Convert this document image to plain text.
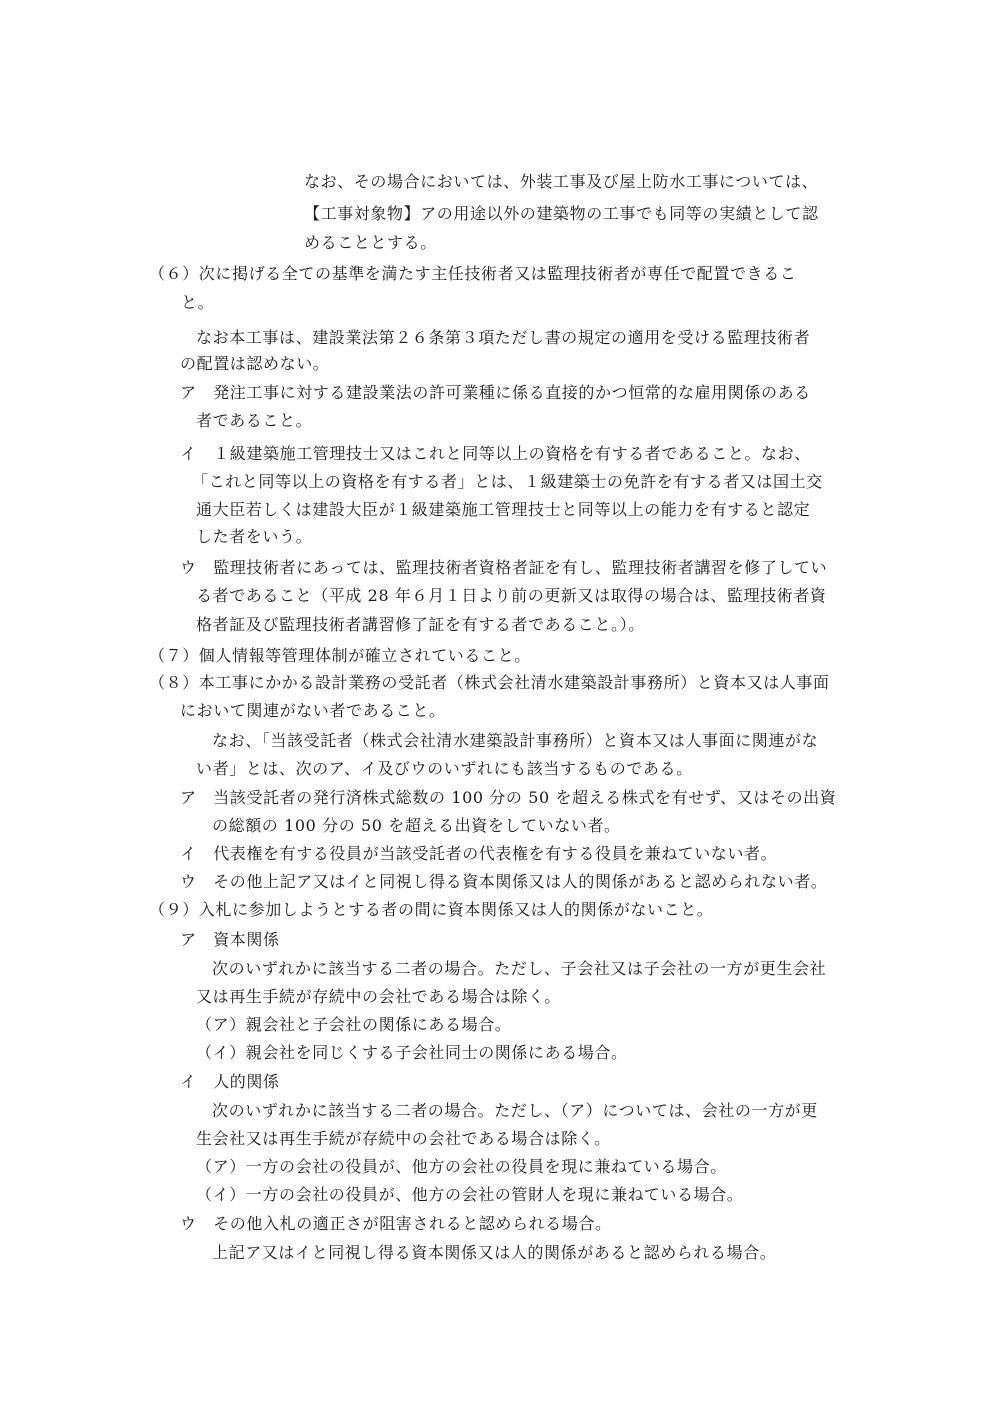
なお、その場合においては、外装工事及び屋上防水工事については、
【工事対象物】アの用途以外の建築物の工事でも同等の実績として認
めることとする。
（６）次に掲げる全ての基準を満たす主任技術者又は監理技術者が専任で配置できるこ
と。
なお本工事は、建設業法第２６条第３項ただし書の規定の適用を受ける監理技術者
の配置は認めない。
ア　発注工事に対する建設業法の許可業種に係る直接的かつ恒常的な雇用関係のある
者であること。
イ　１級建築施工管理技士又はこれと同等以上の資格を有する者であること。なお、
「これと同等以上の資格を有する者」とは、１級建築士の免許を有する者又は国土交
通大臣若しくは建設大臣が１級建築施工管理技士と同等以上の能力を有すると認定
した者をいう。
ウ　監理技術者にあっては、監理技術者資格者証を有し、監理技術者講習を修了してい
る者であること（平成 28 年６月１日より前の更新又は取得の場合は、監理技術者資
格者証及び監理技術者講習修了証を有する者であること。）。
（７）個人情報等管理体制が確立されていること。
（８）本工事にかかる設計業務の受託者（株式会社清水建築設計事務所）と資本又は人事面
において関連がない者であること。
なお、「当該受託者（株式会社清水建築設計事務所）と資本又は人事面に関連がな
い者」とは、次のア、イ及びウのいずれにも該当するものである。
ア　当該受託者の発行済株式総数の 100 分の 50 を超える株式を有せず、又はその出資
の総額の 100 分の 50 を超える出資をしていない者。
イ　代表権を有する役員が当該受託者の代表権を有する役員を兼ねていない者。
ウ　その他上記ア又はイと同視し得る資本関係又は人的関係があると認められない者。
（９）入札に参加しようとする者の間に資本関係又は人的関係がないこと。
ア　資本関係
次のいずれかに該当する二者の場合。ただし、子会社又は子会社の一方が更生会社
又は再生手続が存続中の会社である場合は除く。
（ア）親会社と子会社の関係にある場合。
（イ）親会社を同じくする子会社同士の関係にある場合。
イ　人的関係
次のいずれかに該当する二者の場合。ただし、（ア）については、会社の一方が更
生会社又は再生手続が存続中の会社である場合は除く。
（ア）一方の会社の役員が、他方の会社の役員を現に兼ねている場合。
（イ）一方の会社の役員が、他方の会社の管財人を現に兼ねている場合。
ウ　その他入札の適正さが阻害されると認められる場合。
上記ア又はイと同視し得る資本関係又は人的関係があると認められる場合。
